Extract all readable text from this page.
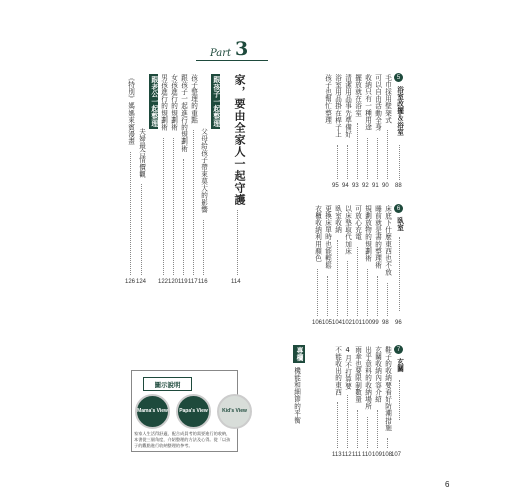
Part 3
家，要由全家人一起守護
114
跟孩子一起整理
父母給孩子帶來莫大的影響
116
孩子整理的重點
117
跟孩子一起進行的規劃術
119
女孩進行的規劃術
120
男孩進行的規劃術
122
跟老公一起整理
夫婦最合情價觀
124
《特別》媽媽來賓漫畫
126
5
浴室改擺＆浴室
88
毛巾採用壁架式
90
可以自由活動全身
91
收納只有一種用途
92
擺放就在浴室
93
清潔用品事先準備好
94
浴室用品掛在桿子上
95
孩子也幫忙整理
6
臥室
96
床底下什麼東西也不放
98
睡前就是書的整理術
99
規劃放物的規劃術
100
可放心充電
101
以床墊取代加床
102
臥室收納
104
更換床單時也能輕鬆
105
衣櫃收納利用顏色
106
7
玄關
107
鞋子的收納要看好防潮措施
108
玄關收納內容介紹
109
出乎意料的收納場所
110
雨傘也要限制數量
111
4月不打算要
112
不能收出的東西
113
專欄
機能和細節的平衡
圖示說明
Mama's View Papa's View	Kid's View
家家人生活得舒適，配合成員考的需要進行的收納，本書從三個角度，介紹整理的方法及心得。從「以孩子的觀點進行收納整理的參考。
6
